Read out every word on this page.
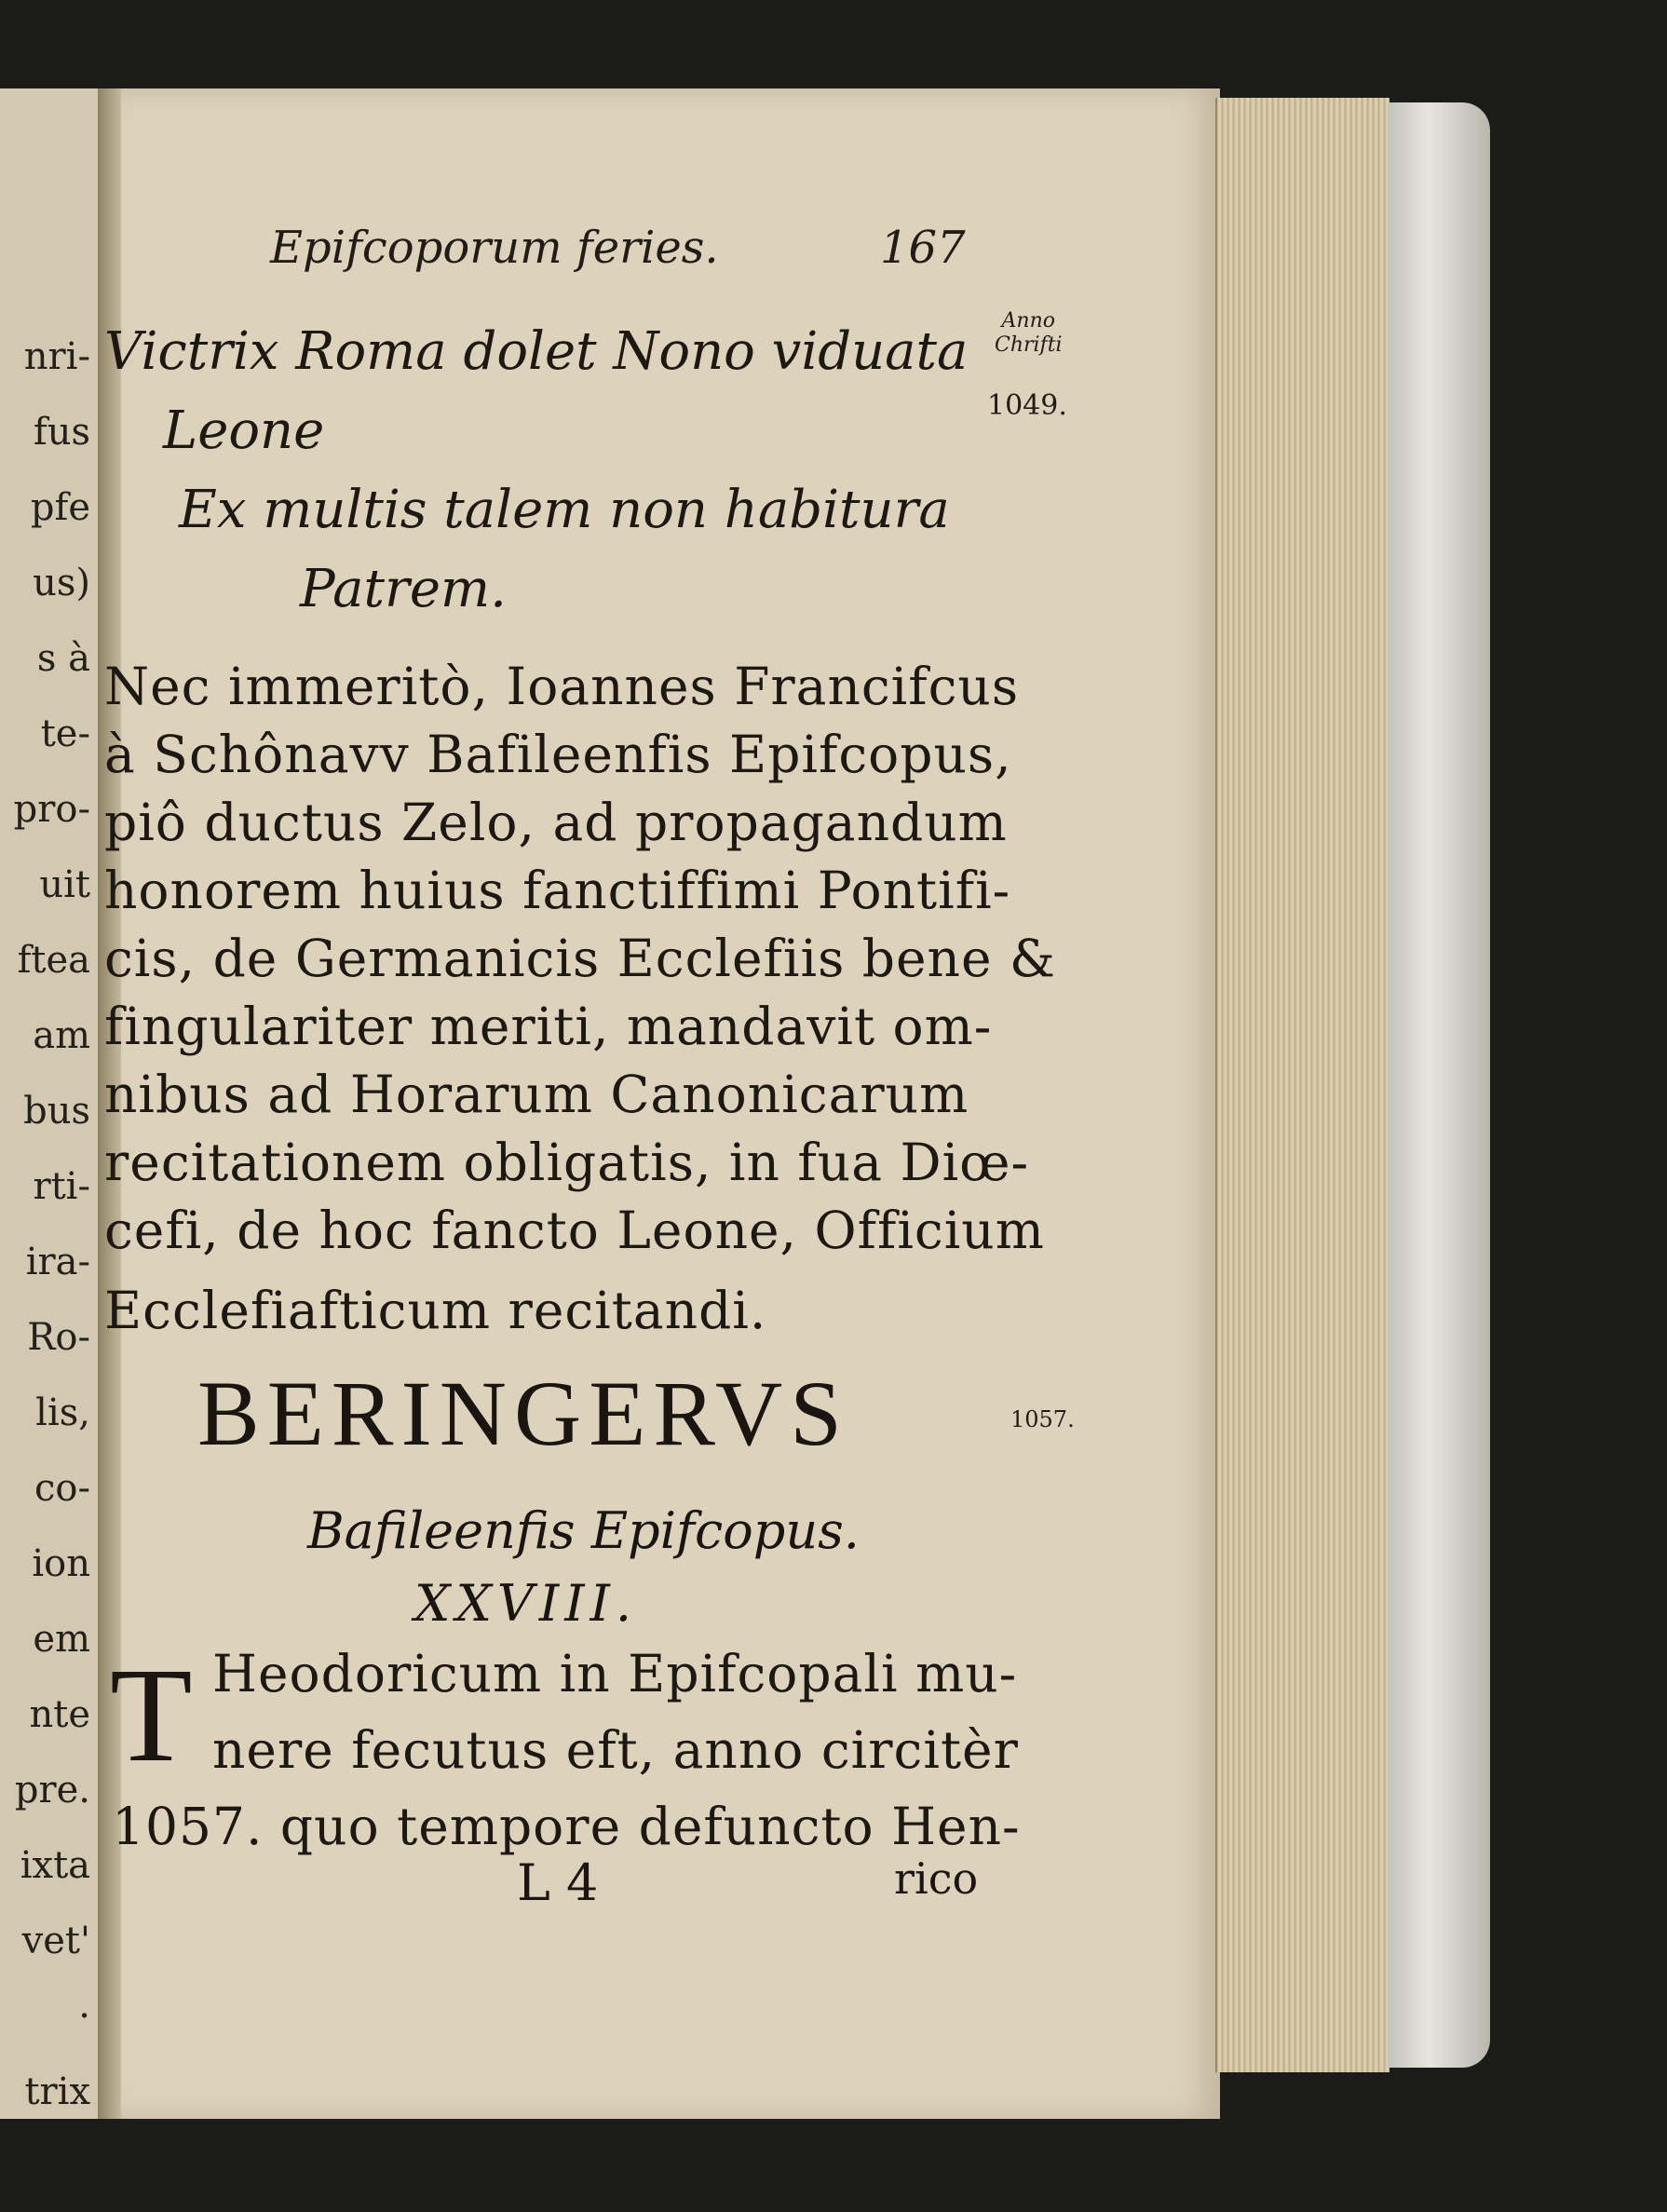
nri-
fus
pfe
us)
s à
te-
pro-
uit
ftea
am
bus
rti-
ira-
Ro-
lis,
co-
ion
em
nte
pre.
ixta
vet'
·
trix
Epifcoporum feries.	167
Anno
Chrifti
1049.
1057.
Victrix Roma dolet Nono viduata
Leone
Ex multis talem non habitura
Patrem.
Nec immeritò, Ioannes Francifcus
à Schônavv Bafileenfis Epifcopus,
piô ductus Zelo, ad propagandum
honorem huius fanctiffimi Pontifi-
cis, de Germanicis Ecclefiis bene &
fingulariter meriti, mandavit om-
nibus ad Horarum Canonicarum
recitationem obligatis, in fua Diœ-
cefi, de hoc fancto Leone, Officium
BERINGERVS
Bafileenfis Epifcopus.
XXVIII.
T Heodoricum in Epifcopali mu-
nere fecutus eft, anno circitèr
1057. quo tempore defuncto Hen-
L 4	rico
Ecclefiafticum recitandi.
